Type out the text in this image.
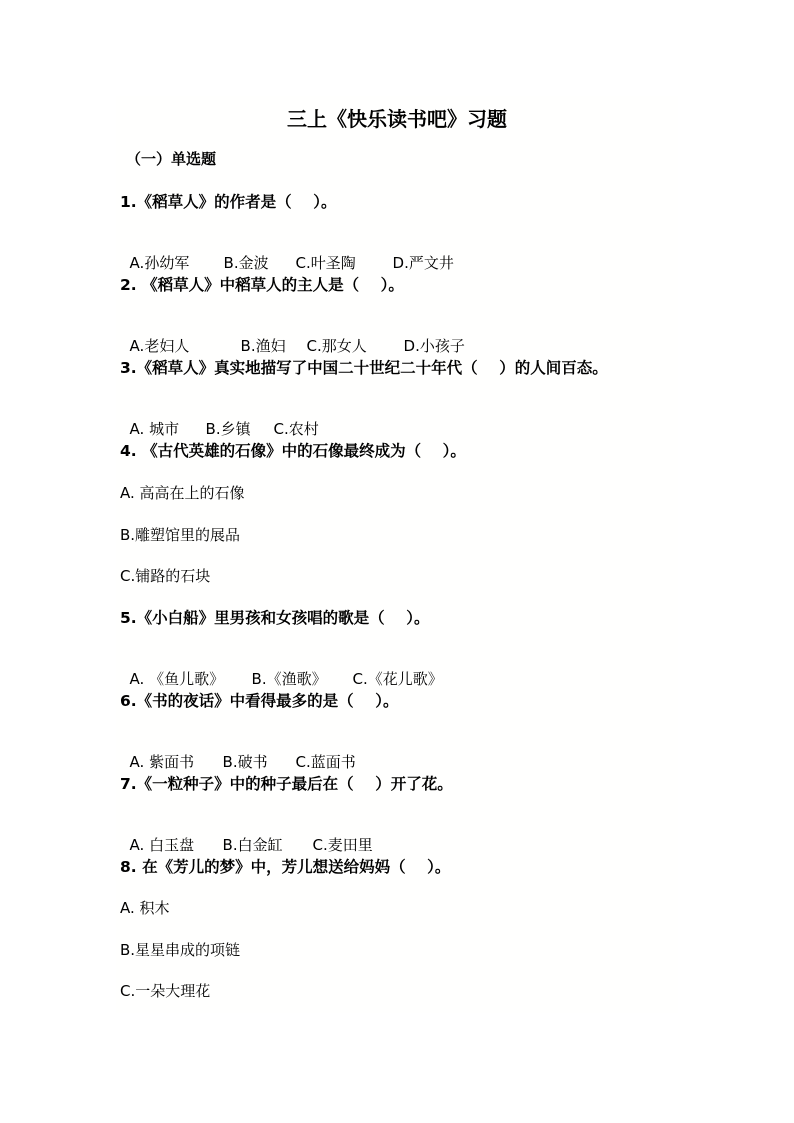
三上《快乐读书吧》习题
（一）单选题
1.《稻草人》的作者是（    ）。

A.孙幼军 B.金波 C.叶圣陶 D.严文井

2. 《稻草人》中稻草人的主人是（    ）。

A.老妇人	B.渔妇 C.那女人 D.小孩子

3.《稻草人》真实地描写了中国二十世纪二十年代（    ）的人间百态。

A. 城市 B.乡镇 C.农村

4. 《古代英雄的石像》中的石像最终成为（    ）。
A. 高高在上的石像
B.雕塑馆里的展品
C.铺路的石块
5.《小白船》里男孩和女孩唱的歌是（    ）。

A. 《鱼儿歌》 B.《渔歌》 C.《花儿歌》

6.《书的夜话》中看得最多的是（    ）。

A. 紫面书 B.破书 C.蓝面书

7.《一粒种子》中的种子最后在（    ）开了花。

A. 白玉盘 B.白金缸 C.麦田里

8. 在《芳儿的梦》中，芳儿想送给妈妈（    ）。
A. 积木
B.星星串成的项链
C.一朵大理花
